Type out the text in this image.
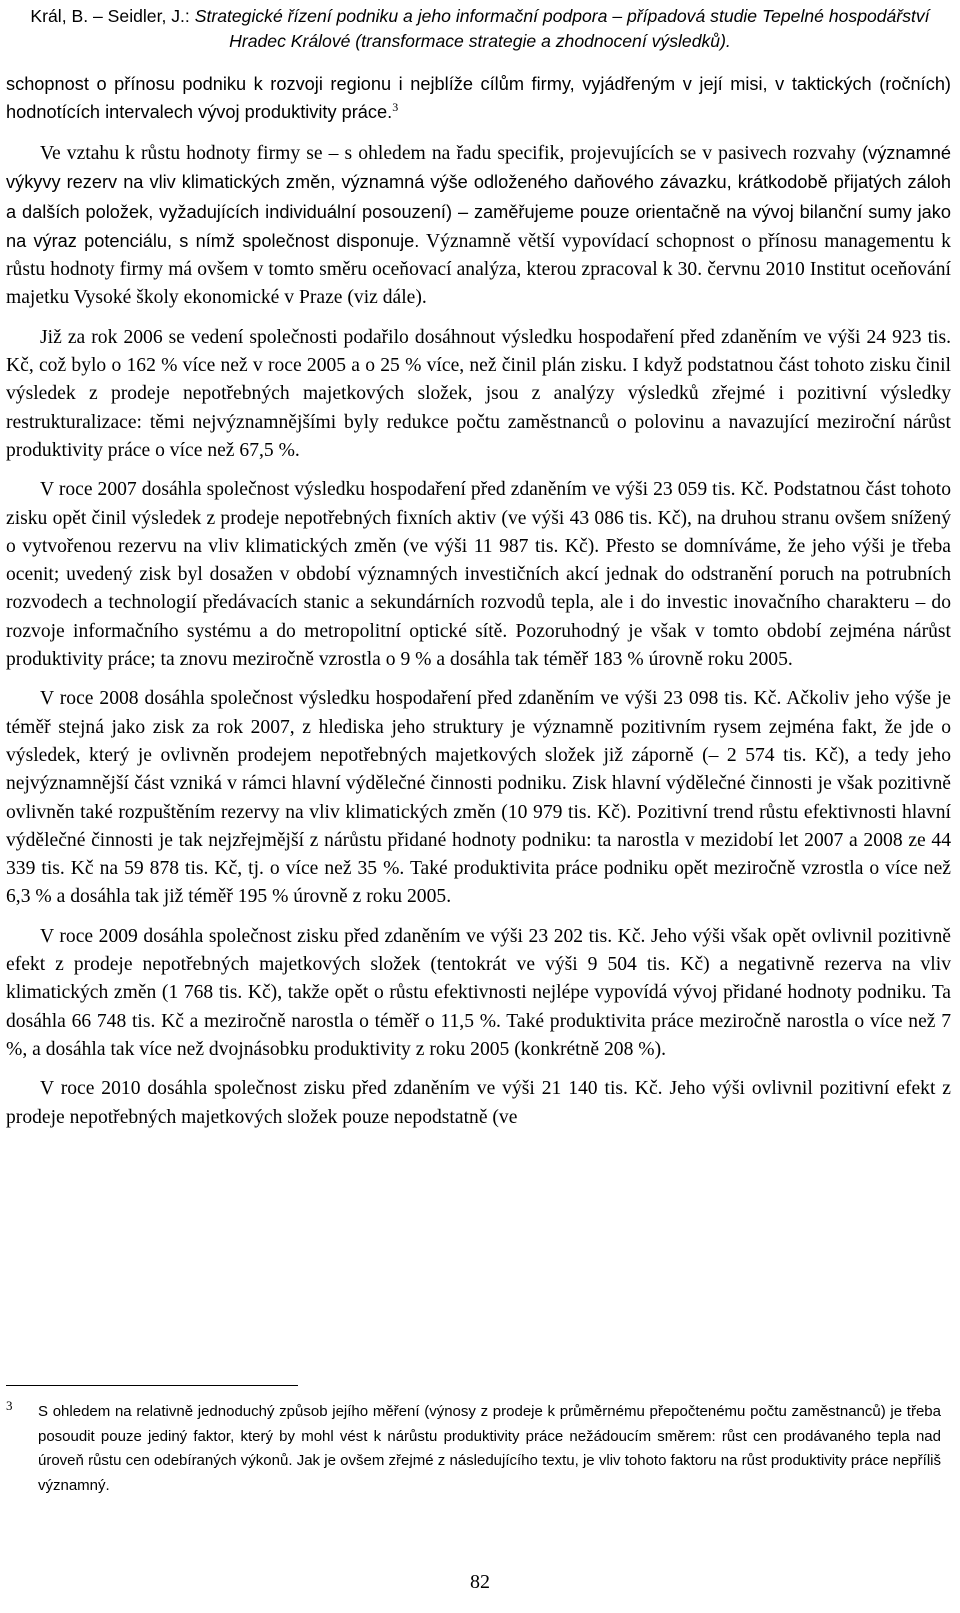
Král, B. – Seidler, J.: Strategické řízení podniku a jeho informační podpora – případová studie Tepelné hospodářství Hradec Králové (transformace strategie a zhodnocení výsledků).

schopnost o přínosu podniku k rozvoji regionu i nejblíže cílům firmy, vyjádřeným v její misi, v taktických (ročních) hodnotících intervalech vývoj produktivity práce.$^3$

Ve vztahu k růstu hodnoty firmy se – s ohledem na řadu specifik, projevujících se v pasivech rozvahy (významné výkyvy rezerv na vliv klimatických změn, významná výše odloženého daňového závazku, krátkodobě přijatých záloh a dalších položek, vyžadujících individuální posouzení) – zaměřujeme pouze orientačně na vývoj bilanční sumy jako na výraz potenciálu, s nímž společnost disponuje. Významně větší vypovídací schopnost o přínosu managementu k růstu hodnoty firmy má ovšem v tomto směru oceňovací analýza, kterou zpracoval k 30. červnu 2010 Institut oceňování majetku Vysoké školy ekonomické v Praze (viz dále).

Již za rok 2006 se vedení společnosti podařilo dosáhnout výsledku hospodaření před zdaněním ve výši 24 923 tis. Kč, což bylo o 162 % více než v roce 2005 a o 25 % více, než činil plán zisku. I když podstatnou část tohoto zisku činil výsledek z prodeje nepotřebných majetkových složek, jsou z analýzy výsledků zřejmé i pozitivní výsledky restrukturalizace: těmi nejvýznamnějšími byly redukce počtu zaměstnanců o polovinu a navazující meziroční nárůst produktivity práce o více než 67,5 %.

V roce 2007 dosáhla společnost výsledku hospodaření před zdaněním ve výši 23 059 tis. Kč. Podstatnou část tohoto zisku opět činil výsledek z prodeje nepotřebných fixních aktiv (ve výši 43 086 tis. Kč), na druhou stranu ovšem snížený o vytvořenou rezervu na vliv klimatických změn (ve výši 11 987 tis. Kč). Přesto se domníváme, že jeho výši je třeba ocenit; uvedený zisk byl dosažen v období významných investičních akcí jednak do odstranění poruch na potrubních rozvodech a technologií předávacích stanic a sekundárních rozvodů tepla, ale i do investic inovačního charakteru – do rozvoje informačního systému a do metropolitní optické sítě. Pozoruhodný je však v tomto období zejména nárůst produktivity práce; ta znovu meziročně vzrostla o 9 % a dosáhla tak téměř 183 % úrovně roku 2005.

V roce 2008 dosáhla společnost výsledku hospodaření před zdaněním ve výši 23 098 tis. Kč. Ačkoliv jeho výše je téměř stejná jako zisk za rok 2007, z hlediska jeho struktury je významně pozitivním rysem zejména fakt, že jde o výsledek, který je ovlivněn prodejem nepotřebných majetkových složek již záporně (– 2 574 tis. Kč), a tedy jeho nejvýznamnější část vzniká v rámci hlavní výdělečné činnosti podniku. Zisk hlavní výdělečné činnosti je však pozitivně ovlivněn také rozpuštěním rezervy na vliv klimatických změn (10 979 tis. Kč). Pozitivní trend růstu efektivnosti hlavní výdělečné činnosti je tak nejzřejmější z nárůstu přidané hodnoty podniku: ta narostla v mezidobí let 2007 a 2008 ze 44 339 tis. Kč na 59 878 tis. Kč, tj. o více než 35 %. Také produktivita práce podniku opět meziročně vzrostla o více než 6,3 % a dosáhla tak již téměř 195 % úrovně z roku 2005.

V roce 2009 dosáhla společnost zisku před zdaněním ve výši 23 202 tis. Kč. Jeho výši však opět ovlivnil pozitivně efekt z prodeje nepotřebných majetkových složek (tentokrát ve výši 9 504 tis. Kč) a negativně rezerva na vliv klimatických změn (1 768 tis. Kč), takže opět o růstu efektivnosti nejlépe vypovídá vývoj přidané hodnoty podniku. Ta dosáhla 66 748 tis. Kč a meziročně narostla o téměř o 11,5 %. Také produktivita práce meziročně narostla o více než 7 %, a dosáhla tak více než dvojnásobku produktivity z roku 2005 (konkrétně 208 %).

V roce 2010 dosáhla společnost zisku před zdaněním ve výši 21 140 tis. Kč. Jeho výši ovlivnil pozitivní efekt z prodeje nepotřebných majetkových složek pouze nepodstatně (ve

3 S ohledem na relativně jednoduchý způsob jejího měření (výnosy z prodeje k průměrnému přepočtenému počtu zaměstnanců) je třeba posoudit pouze jediný faktor, který by mohl vést k nárůstu produktivity práce nežádoucím směrem: růst cen prodávaného tepla nad úroveň růstu cen odebíraných výkonů. Jak je ovšem zřejmé z následujícího textu, je vliv tohoto faktoru na růst produktivity práce nepříliš významný.

82
